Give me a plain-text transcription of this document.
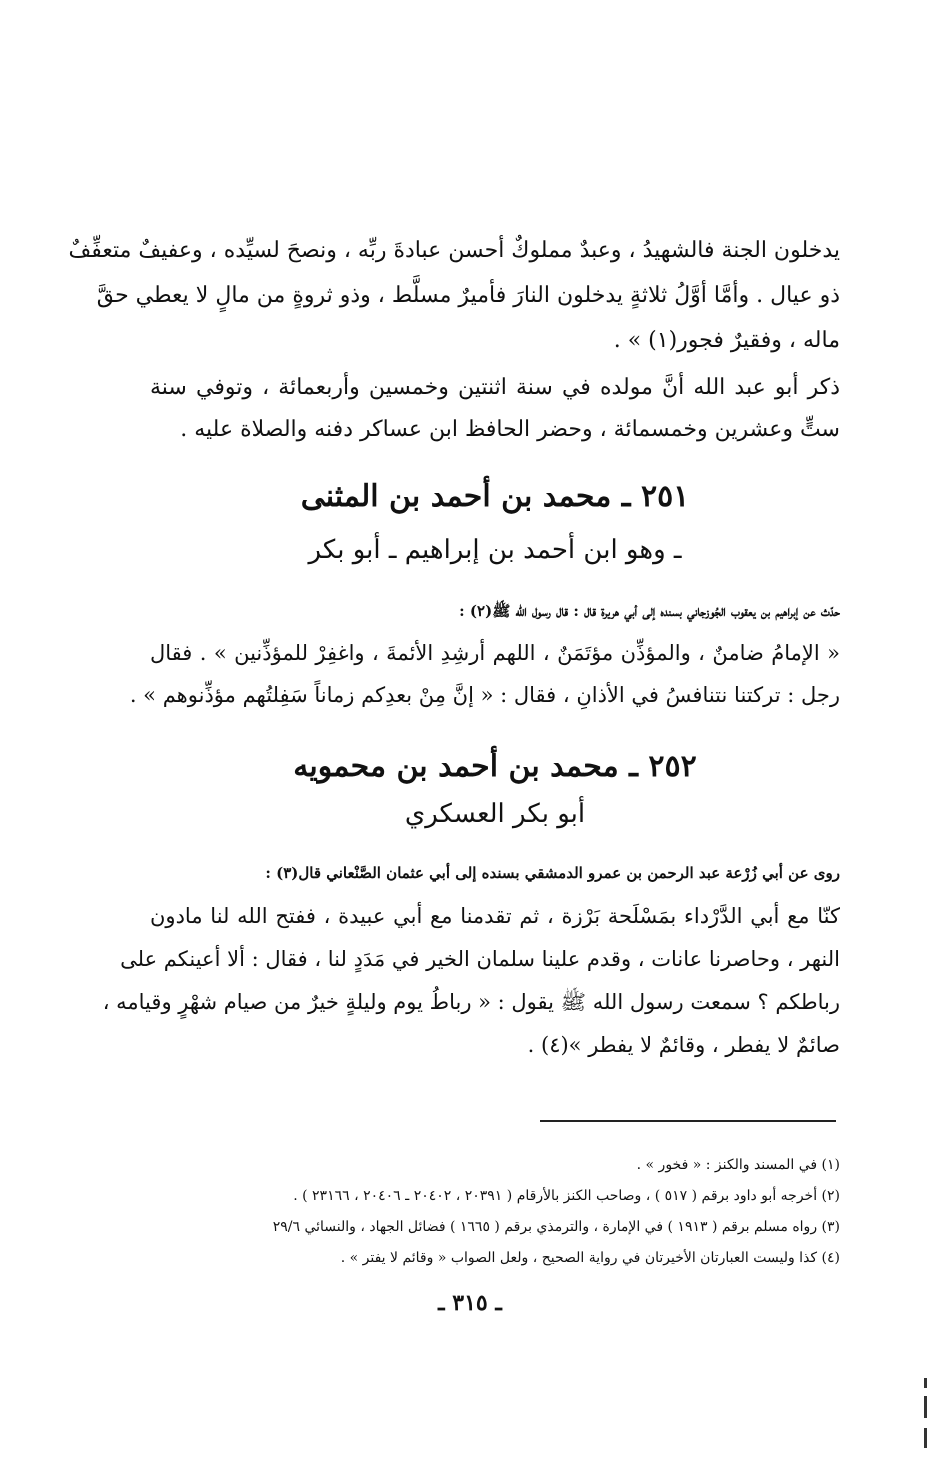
يدخلون الجنة فالشهيدُ ، وعبدٌ مملوكٌ أحسن عبادةَ ربِّه ، ونصحَ لسيِّده ، وعفيفٌ متعفِّفٌ
ذو عيال . وأمَّا أوَّلُ ثلاثةٍ يدخلون النارَ فأميرٌ مسلَّط ، وذو ثروةٍ من مالٍ لا يعطي حقَّ
ماله ، وفقيرٌ فجور(١) » .
ذكر أبو عبد الله أنَّ مولده في سنة اثنتين وخمسين وأربعمائة ، وتوفي سنة
ستٍّ وعشرين وخمسمائة ، وحضر الحافظ ابن عساكر دفنه والصلاة عليه .
٢٥١ ـ محمد بن أحمد بن المثنى
ـ وهو ابن أحمد بن إبراهيم ـ أبو بكر
حدّث عن إبراهيم بن يعقوب الجُوزجاني بسنده إلى أبي هريرة قال : قال رسول الله ﷺ(٢) :
« الإمامُ ضامنٌ ، والمؤذِّن مؤتَمَنٌ ، اللهم أرشِدِ الأئمةَ ، واغفِرْ للمؤذِّنين » . فقال
رجل : تركتنا نتنافسُ في الأذانِ ، فقال : « إنَّ مِنْ بعدِكم زماناً سَفِلتُهم مؤذِّنوهم » .
٢٥٢ ـ محمد بن أحمد بن محمويه
أبو بكر العسكري
روى عن أبي زُرْعة عبد الرحمن بن عمرو الدمشقي بسنده إلى أبي عثمان الصَّنْعاني قال(٣) :
كنّا مع أبي الدَّرْداء بمَسْلَحة بَرْزة ، ثم تقدمنا مع أبي عبيدة ، ففتح الله لنا مادون
النهر ، وحاصرنا عانات ، وقدم علينا سلمان الخير في مَدَدٍ لنا ، فقال : ألا أعينكم على
رباطكم ؟ سمعت رسول الله ﷺ يقول : « رباطُ يوم وليلةٍ خيرٌ من صيام شهْرٍ وقيامه ،
صائمٌ لا يفطر ، وقائمٌ لا يفطر »(٤) .
(١) في المسند والكنز : « فخور » .
(٢) أخرجه أبو داود برقم ( ٥١٧ ) ، وصاحب الكنز بالأرقام ( ٢٠٣٩١ ، ٢٠٤٠٢ ـ ٢٠٤٠٦ ، ٢٣١٦٦ ) .
(٣) رواه مسلم برقم ( ١٩١٣ ) في الإمارة ، والترمذي برقم ( ١٦٦٥ ) فضائل الجهاد ، والنسائي ٢٩/٦
(٤) كذا وليست العبارتان الأخيرتان في رواية الصحيح ، ولعل الصواب « وقائم لا يفتر » .
ـ ٣١٥ ـ
